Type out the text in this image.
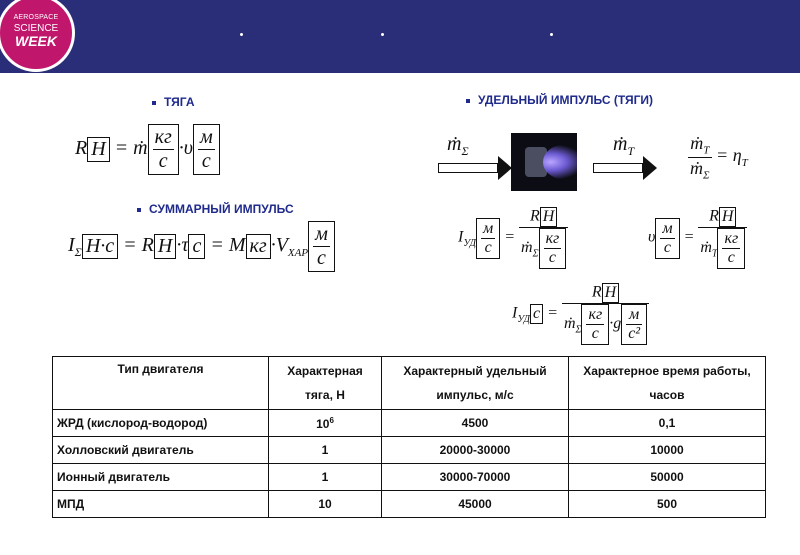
AEROSPACE
SCIENCE
WEEK
ТЯГА	УДЕЛЬНЫЙ ИМПУЛЬС (ТЯГИ)
СУММАРНЫЙ ИМПУЛЬС
R H = ṁ $\frac{кг}{с} \cdot\upsilon \frac{м}{с}$
$I_\Sigma$ H·с = R H ·τ с = M кг $\cdot V_{ХАР} \frac{м}{с}$
ṁ$_\Sigma$	ṁ$_Т$	$\frac{ṁ_Т}{ṁ_\Sigma} = \eta_Т$
$I_{УД} \frac{м}{с} = \frac{\text{R H}}{ṁ_\Sigma \frac{кг}{с}}$	υ $\frac{м}{с} = \frac{\text{R H}}{ṁ_Т \frac{кг}{с}}$
$I_{УД}$ $с = \frac{\text{R H}}{ṁ_\Sigma \frac{кг}{с} \cdot g \frac{м}{\text{с²}}}$
Тип двигателя	Характерная тяга, Н	Характерный удельный импульс, м/с	Характерное время работы, часов
ЖРД (кислород-водород)	$10^6$	4500	0,1
Холловский двигатель	1	20000-30000	10000
Ионный двигатель	1	30000-70000	50000
МПД	10	45000	500
